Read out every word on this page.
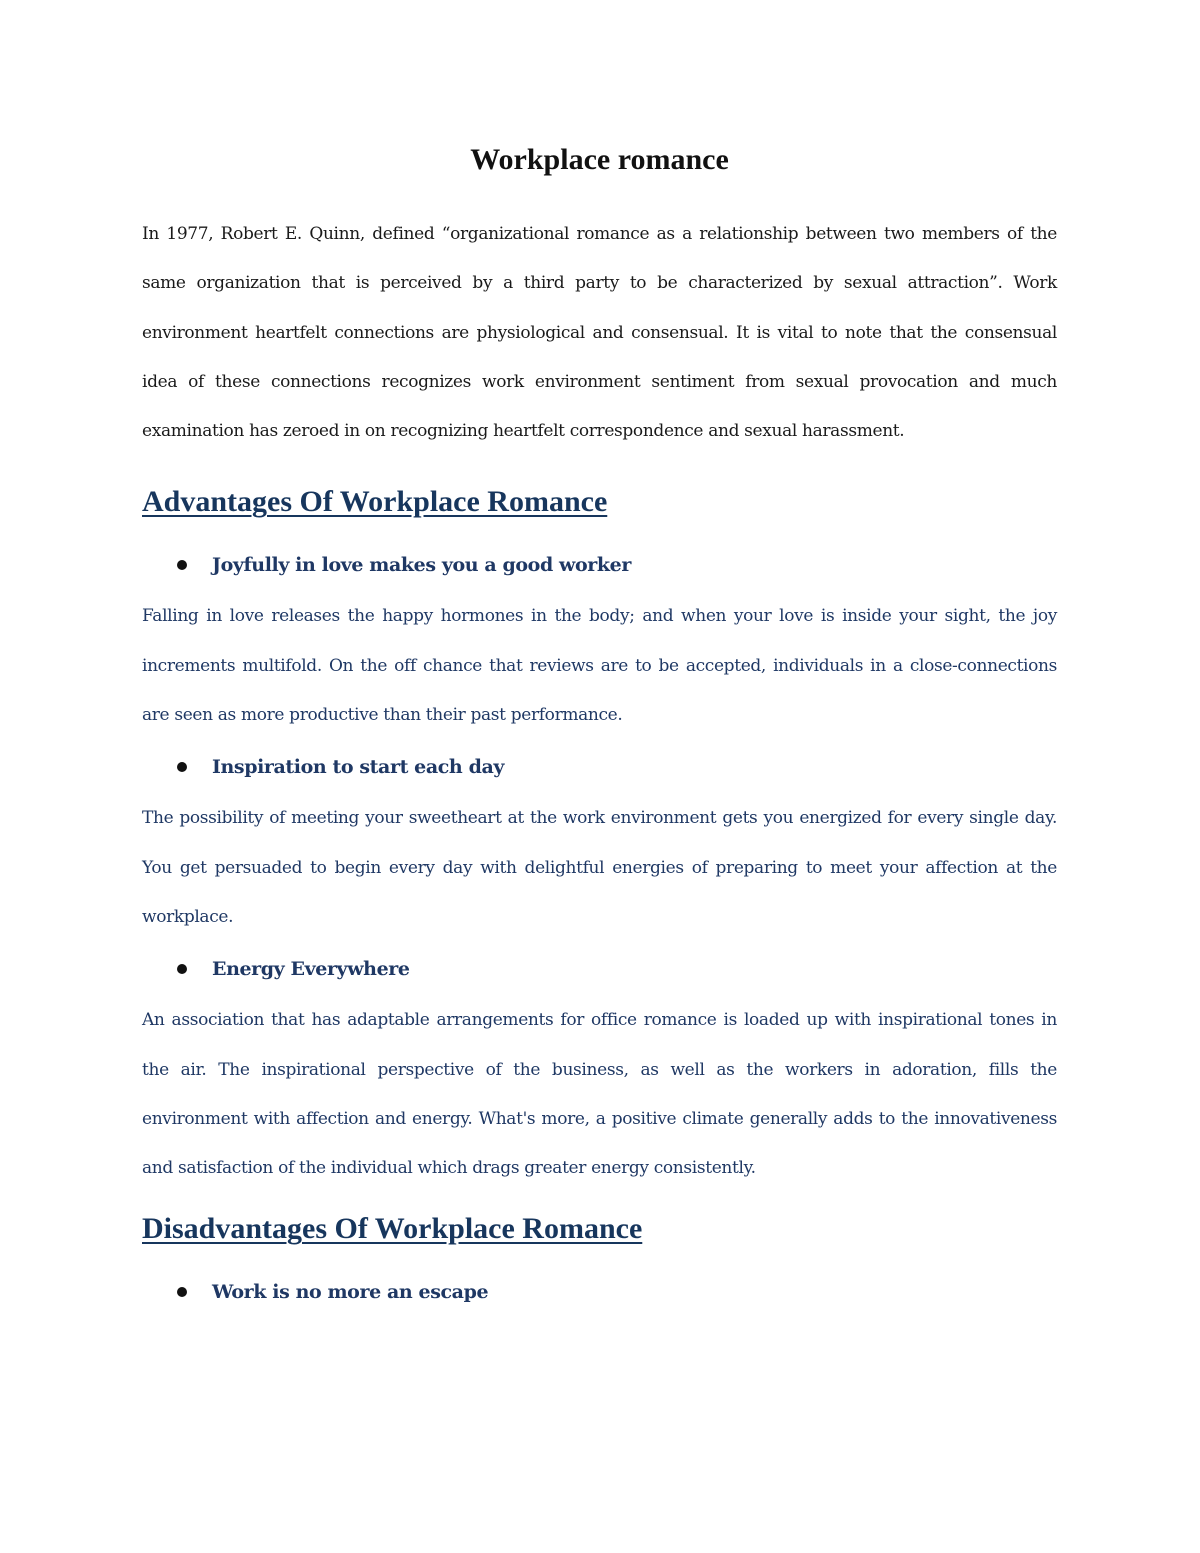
Workplace romance

In 1977, Robert E. Quinn, defined “organizational romance as a relationship between two members of the same organization that is perceived by a third party to be characterized by sexual attraction”. Work environment heartfelt connections are physiological and consensual. It is vital to note that the consensual idea of these connections recognizes work environment sentiment from sexual provocation and much examination has zeroed in on recognizing heartfelt correspondence and sexual harassment.

Advantages Of Workplace Romance
Joyfully in love makes you a good worker

Falling in love releases the happy hormones in the body; and when your love is inside your sight, the joy increments multifold. On the off chance that reviews are to be accepted, individuals in a close-connections are seen as more productive than their past performance.

Inspiration to start each day

The possibility of meeting your sweetheart at the work environment gets you energized for every single day. You get persuaded to begin every day with delightful energies of preparing to meet your affection at the workplace.

Energy Everywhere

An association that has adaptable arrangements for office romance is loaded up with inspirational tones in the air. The inspirational perspective of the business, as well as the workers in adoration, fills the environment with affection and energy. What's more, a positive climate generally adds to the innovativeness and satisfaction of the individual which drags greater energy consistently.

Disadvantages Of Workplace Romance
Work is no more an escape
